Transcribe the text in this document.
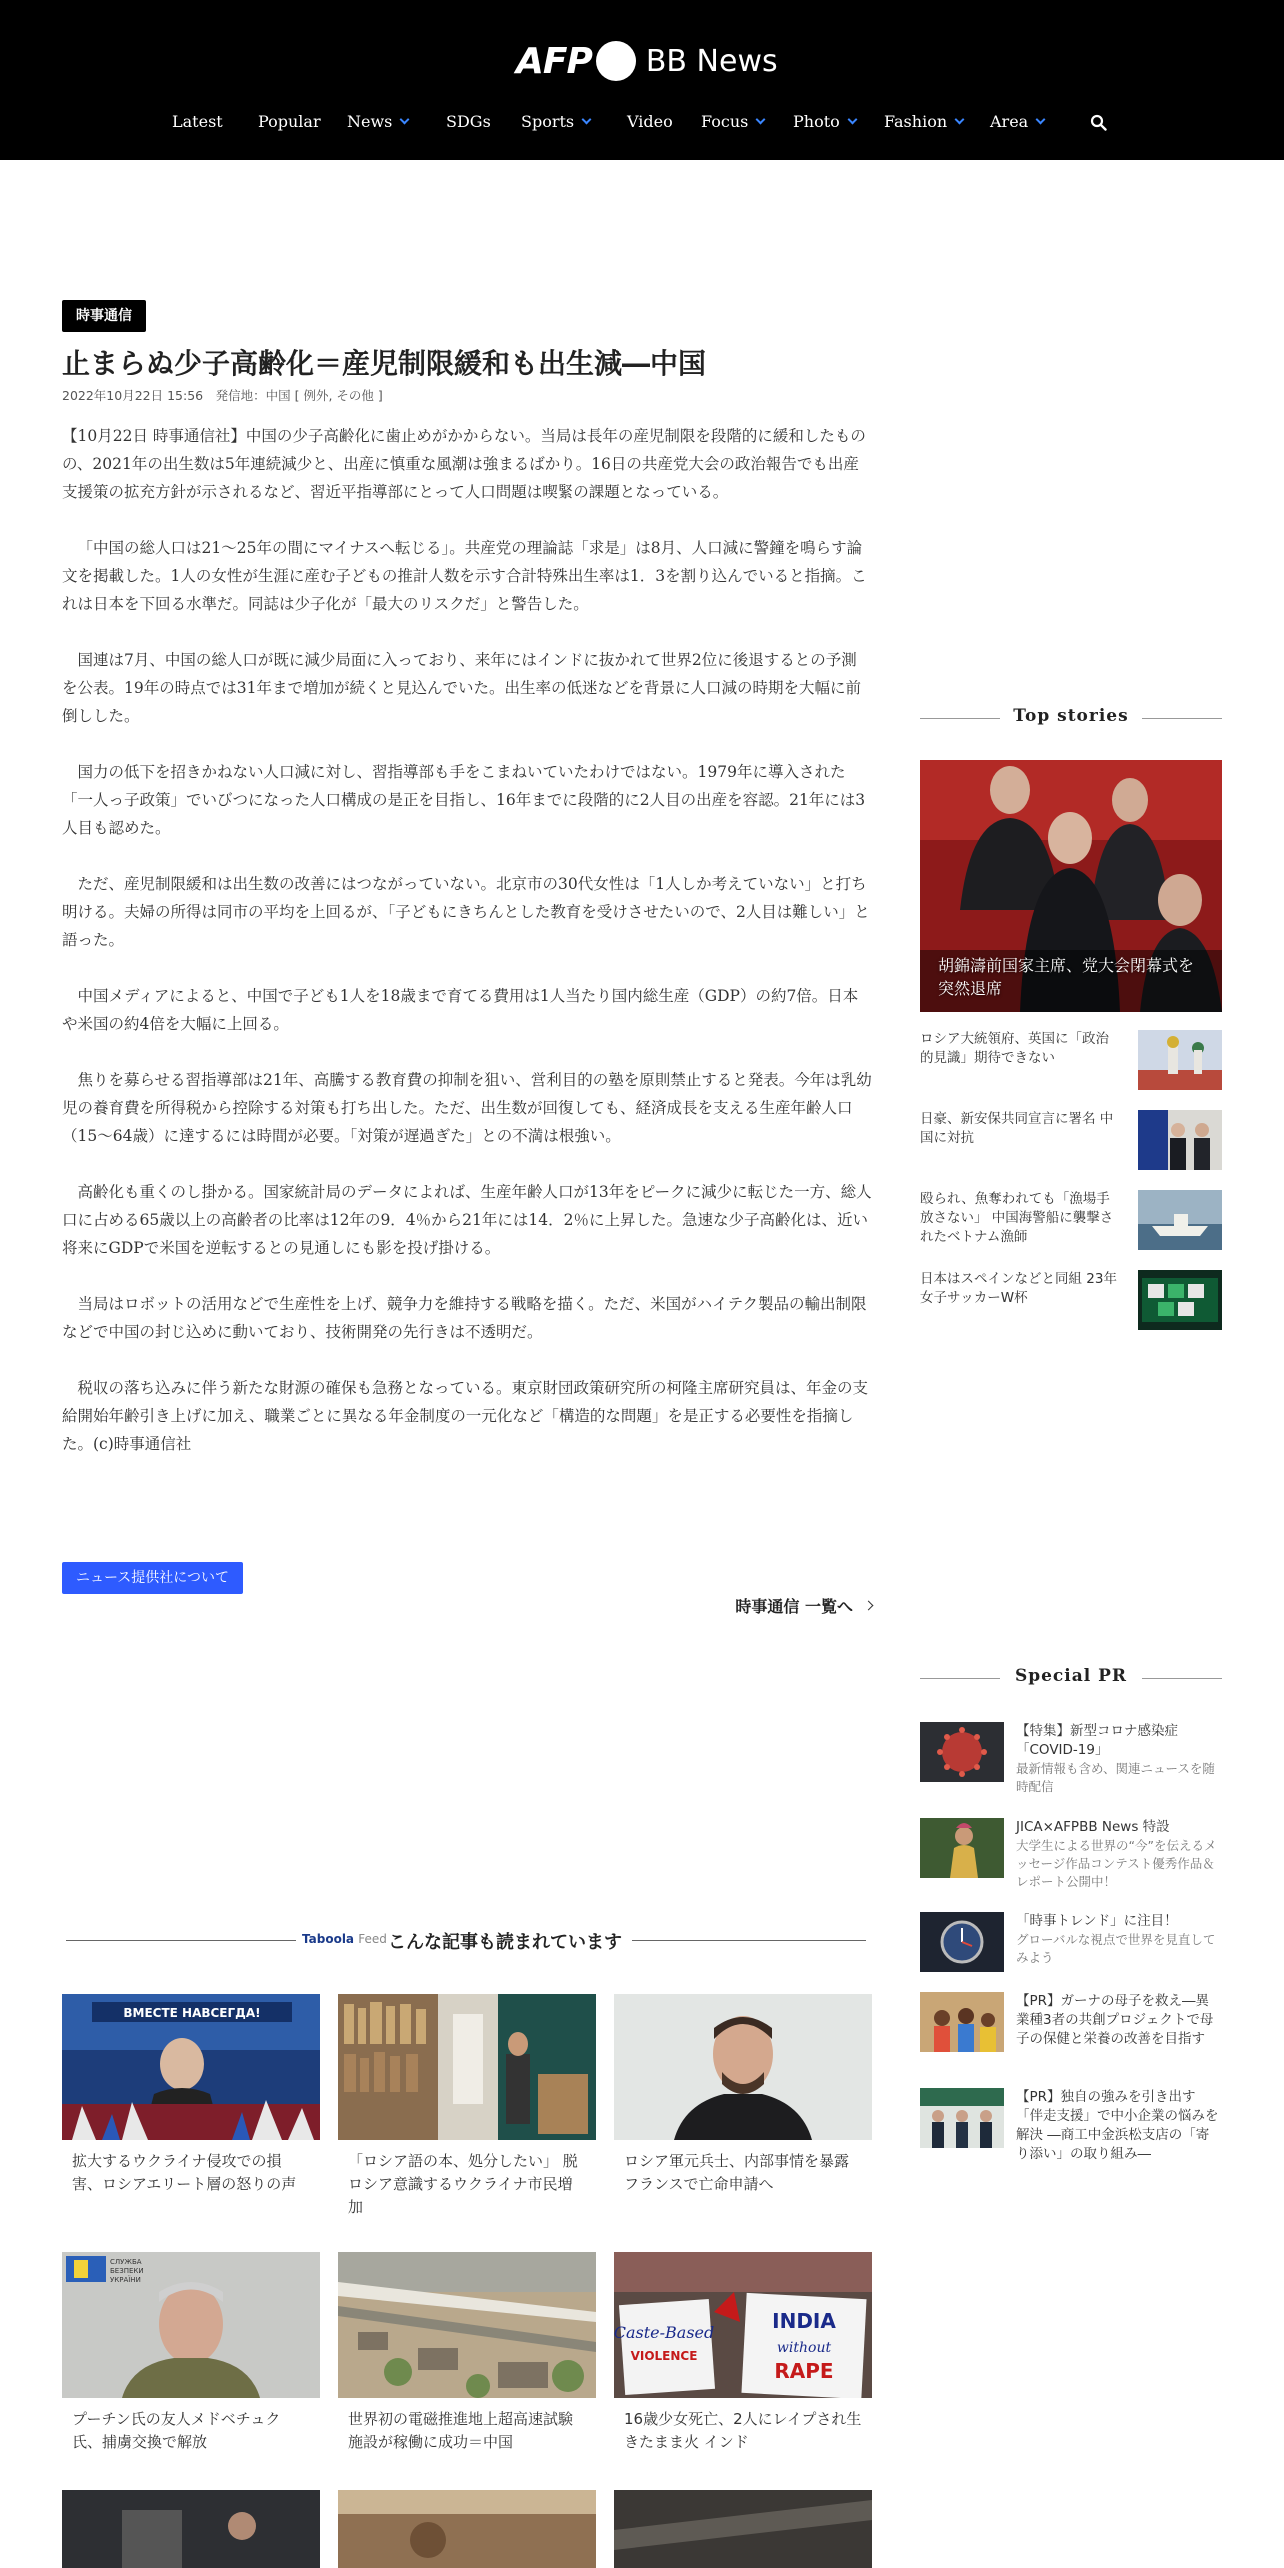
AFP BB News
Latest Popular News	SDGs Sports	Video Focus	Photo	Fashion	Area
時事通信
止まらぬ少子高齢化＝産児制限緩和も出生減―中国
2022年10月22日 15:56　発信地：中国 [ 例外, その他 ]

【10月22日 時事通信社】中国の少子高齢化に歯止めがかからない。当局は長年の産児制限を段階的に緩和したものの、2021年の出生数は5年連続減少と、出産に慎重な風潮は強まるばかり。16日の共産党大会の政治報告でも出産支援策の拡充方針が示されるなど、習近平指導部にとって人口問題は喫緊の課題となっている。

「中国の総人口は21～25年の間にマイナスへ転じる」。共産党の理論誌「求是」は8月、人口減に警鐘を鳴らす論文を掲載した。1人の女性が生涯に産む子どもの推計人数を示す合計特殊出生率は1．3を割り込んでいると指摘。これは日本を下回る水準だ。同誌は少子化が「最大のリスクだ」と警告した。

国連は7月、中国の総人口が既に減少局面に入っており、来年にはインドに抜かれて世界2位に後退するとの予測を公表。19年の時点では31年まで増加が続くと見込んでいた。出生率の低迷などを背景に人口減の時期を大幅に前倒しした。

国力の低下を招きかねない人口減に対し、習指導部も手をこまねいていたわけではない。1979年に導入された「一人っ子政策」でいびつになった人口構成の是正を目指し、16年までに段階的に2人目の出産を容認。21年には3人目も認めた。

ただ、産児制限緩和は出生数の改善にはつながっていない。北京市の30代女性は「1人しか考えていない」と打ち明ける。夫婦の所得は同市の平均を上回るが、「子どもにきちんとした教育を受けさせたいので、2人目は難しい」と語った。

中国メディアによると、中国で子ども1人を18歳まで育てる費用は1人当たり国内総生産（GDP）の約7倍。日本や米国の約4倍を大幅に上回る。

焦りを募らせる習指導部は21年、高騰する教育費の抑制を狙い、営利目的の塾を原則禁止すると発表。今年は乳幼児の養育費を所得税から控除する対策も打ち出した。ただ、出生数が回復しても、経済成長を支える生産年齢人口（15～64歳）に達するには時間が必要。「対策が遅過ぎた」との不満は根強い。

高齢化も重くのし掛かる。国家統計局のデータによれば、生産年齢人口が13年をピークに減少に転じた一方、総人口に占める65歳以上の高齢者の比率は12年の9．4％から21年には14．2％に上昇した。急速な少子高齢化は、近い将来にGDPで米国を逆転するとの見通しにも影を投げ掛ける。

当局はロボットの活用などで生産性を上げ、競争力を維持する戦略を描く。ただ、米国がハイテク製品の輸出制限などで中国の封じ込めに動いており、技術開発の先行きは不透明だ。

税収の落ち込みに伴う新たな財源の確保も急務となっている。東京財団政策研究所の柯隆主席研究員は、年金の支給開始年齢引き上げに加え、職業ごとに異なる年金制度の一元化など「構造的な問題」を是正する必要性を指摘した。(c)時事通信社

ニュース提供社について
時事通信 一覧へ
Taboola Feed こんな記事も読まれています
ВМЕСТЕ НАВСЕГДА!
拡大するウクライナ侵攻での損害、ロシアエリート層の怒りの声
「ロシア語の本、処分したい」 脱ロシア意識するウクライナ市民増加
ロシア軍元兵士、内部事情を暴露 フランスで亡命申請へ
СЛУЖБА
БЕЗПЕКИ
УКРАЇНИ
プーチン氏の友人メドベチュク氏、捕虜交換で解放
世界初の電磁推進地上超高速試験施設が稼働に成功＝中国
Caste-Based
VIOLENCE
INDIA
without
RAPE
16歳少女死亡、2人にレイプされ生きたまま火 インド
Top stories
胡錦濤前国家主席、党大会閉幕式を突然退席
ロシア大統領府、英国に「政治的見識」期待できない
日豪、新安保共同宣言に署名 中国に対抗
殴られ、魚奪われても「漁場手放さない」 中国海警船に襲撃されたベトナム漁師
日本はスペインなどと同組 23年女子サッカーW杯
Special PR
【特集】新型コロナ感染症「COVID-19」
最新情報も含め、関連ニュースを随時配信
JICA×AFPBB News 特設
大学生による世界の“今”を伝えるメッセージ作品コンテスト優秀作品＆レポート公開中！
「時事トレンド」に注目！
グローバルな視点で世界を見直してみよう
【PR】ガーナの母子を救え―異業種3者の共創プロジェクトで母子の保健と栄養の改善を目指す
【PR】独自の強みを引き出す「伴走支援」で中小企業の悩みを解決 ―商工中金浜松支店の「寄り添い」の取り組み―
